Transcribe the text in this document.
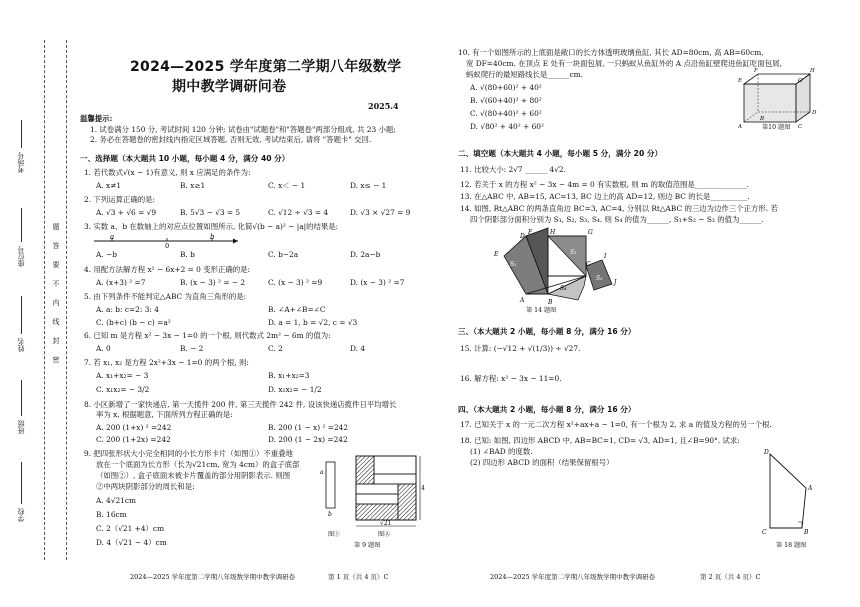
考场号
座位号
姓名
班级
学校
题
答
要
不
内
线
封
密
2024—2025 学年度第二学期八年级数学
期中教学调研问卷
2025.4
温馨提示:
1. 试卷满分 150 分, 考试时间 120 分钟; 试卷由"试题卷"和"答题卷"两部分组成, 共 23 小题;
2. 务必在答题卷的密封线内指定区域答题, 否则无效, 考试结束后, 请将 "答题卡" 交回.
一、选择题（本大题共 10 小题，每小题 4 分，满分 40 分）
1. 若代数式√(x − 1)有意义, 则 x 应满足的条件为:
A. x≠1	B. x≥1	C. x＜ − 1	D. x≤ − 1
2. 下列运算正确的是:
A. √3 + √6 = √9	B. 5√3 − √3 = 5	C. √12 ÷ √3 = 4	D. √3 × √27 = 9
3. 实数 a、b 在数轴上的对应点位置如图所示, 化简√(b − a)² − |a|的结果是:
a
0
b
A. −b	B. b	C. b−2a	D. 2a−b
4. 用配方法解方程 x² − 6x+2 = 0 变形正确的是:
A. (x+3) ² =7	B. (x − 3) ² = − 2	C. (x − 3) ² =9	D. (x − 3) ² =7
5. 由下列条件不能判定△ABC 为直角三角形的是:
A. a: b: c=2: 3: 4	B. ∠A+∠B=∠C
C. (b+c) (b − c) =a²	D. a = 1, b = √2, c = √3
6. 已知 m 是方程 x² − 3x − 1=0 的一个根, 则代数式 2m² − 6m 的值为:
A. 0	B. − 2	C. 2	D. 4
7. 若 x₁, x₂ 是方程 2x²+3x − 1=0 的两个根, 则:
A. x₁+x₂= − 3	B. x₁+x₂=3
C. x₁x₂= − 3/2	D. x₁x₂= − 1/2
8. 小区新增了一家快递店, 第一天揽件 200 件, 第三天揽件 242 件, 设该快递店揽件日平均增长
率为 x, 根据题意, 下面所列方程正确的是:
A. 200 (1+x) ² =242	B. 200 (1 − x) ² =242
C. 200 (1+2x) =242	D. 200 (1 − 2x) =242
9. 把四张形状大小完全相同的小长方形卡片（如图①）不重叠地
放在一个底面为长方形（长为√21cm, 宽为 4cm）的盒子底部
（如图②）, 盒子底面未被卡片覆盖的部分用阴影表示. 则图
②中两块阴影部分的周长和是:
A. 4√21cm
B. 16cm
C. 2（√21 +4）cm
D. 4（√21 − 4）cm
a
b
4
√21
图①	图②
第 9 题图
2024—2025 学年度第二学期八年级数学期中教学调研卷	第 1 页（共 4 页）C
10. 有一个如图所示的上底面是敞口的长方体透明玻璃鱼缸, 其长 AD=80cm, 高 AB=60cm,
宽 DF=40cm. 在顶点 E 处有一块面包屑, 一只蚂蚁从鱼缸外的 A 点沿鱼缸壁爬进鱼缸吃面包屑,
蚂蚁爬行的最短路线长是______cm.
A. √(80+60)² + 40²
B. √(60+40)² + 80²
C. √(80+40)² + 60²
D. √80² + 40² + 60²
E
F	H
G
D
C
A
B
第10 题图
二、填空题（本大题共 4 小题，每小题 5 分，满分 20 分）
11. 比较大小: 2√7 ______ 4√2.
12. 若关于 x 的方程 x² − 3x − 4m = 0 有实数根, 则 m 的取值范围是______________.
13. 在△ABC 中, AB=15, AC=13, BC 边上的高 AD=12, 则边 BC 的长是__________.
14. 如图, Rt△ABC 的两条直角边 BC=3, AC=4, 分别以 Rt△ABC 的三边为边作三个正方形. 若
四个阴影部分面积分别为 S₁, S₂, S₃, S₄. 则 S₄ 的值为______, S₁+S₂ − S₃ 的值为______.
E
F
D
H	G
C
I
J
A	B
S₁
S₂
S₃
S₄
第 14 题图
三、（本大题共 2 小题，每小题 8 分，满分 16 分）
15. 计算: (−√12 + √(1/3)) ÷ √27.
16. 解方程: x² − 3x − 11=0.
四、（本大题共 2 小题，每小题 8 分，满分 16 分）
17. 已知关于 x 的一元二次方程 x²+ax+a − 1=0, 有一个根为 2, 求 a 的值及方程的另一个根.
18. 已知: 如图, 四边形 ABCD 中, AB=BC=1, CD= √3, AD=1, 且∠B=90°. 试求:
(1) ∠BAD 的度数.
(2) 四边形 ABCD 的面积（结果保留根号）
D
A
C	B
第 18 题图
2024—2025 学年度第二学期八年级数学期中教学调研卷	第 2 页（共 4 页）C
